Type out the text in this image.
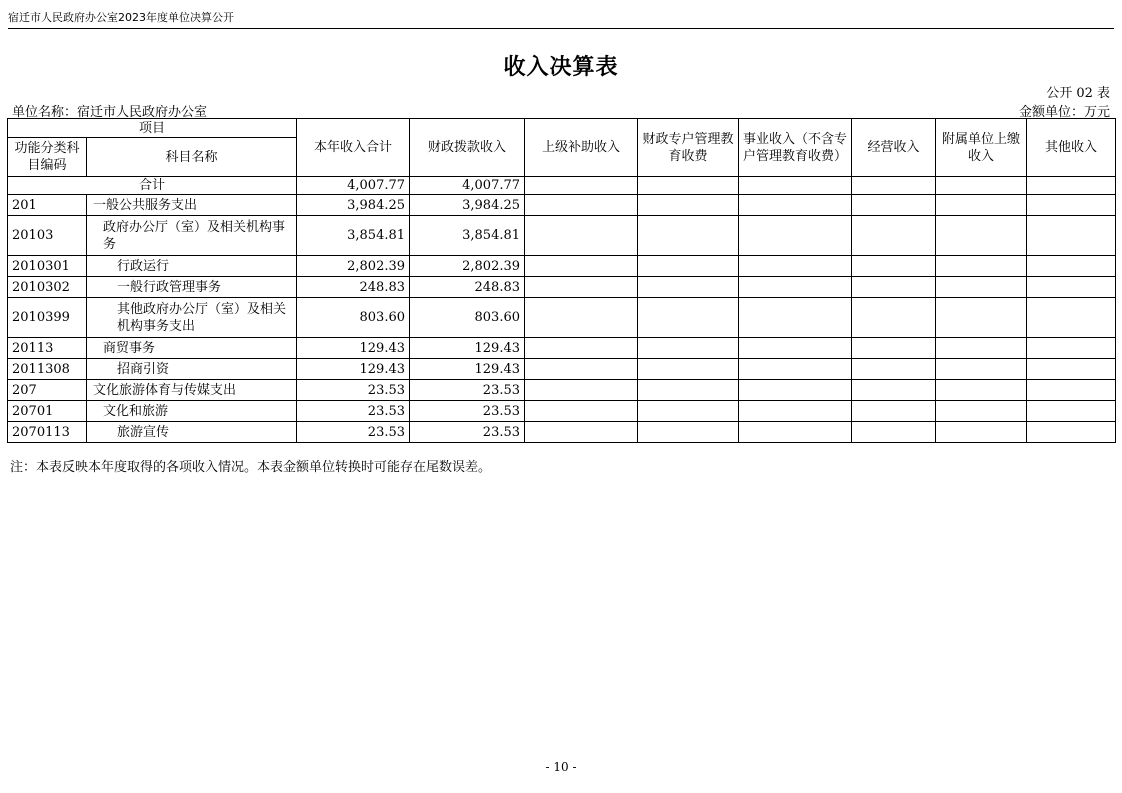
宿迁市人民政府办公室2023年度单位决算公开
收入决算表
公开 02 表
单位名称：宿迁市人民政府办公室	金额单位：万元
项目		本年收入合计	财政拨款收入	上级补助收入	财政专户管理教育收费	事业收入（不含专户管理教育收费）	经营收入	附属单位上缴收入	其他收入
功能分类科目编码	科目名称								
合计		4,007.77	4,007.77						
201	一般公共服务支出	3,984.25	3,984.25						
20103	政府办公厅（室）及相关机构事务	3,854.81	3,854.81						
2010301	行政运行	2,802.39	2,802.39						
2010302	一般行政管理事务	248.83	248.83						
2010399	其他政府办公厅（室）及相关机构事务支出	803.60	803.60						
20113	商贸事务	129.43	129.43						
2011308	招商引资	129.43	129.43						
207	文化旅游体育与传媒支出	23.53	23.53						
20701	文化和旅游	23.53	23.53						
2070113	旅游宣传	23.53	23.53						
注：本表反映本年度取得的各项收入情况。本表金额单位转换时可能存在尾数误差。
- 10 -
